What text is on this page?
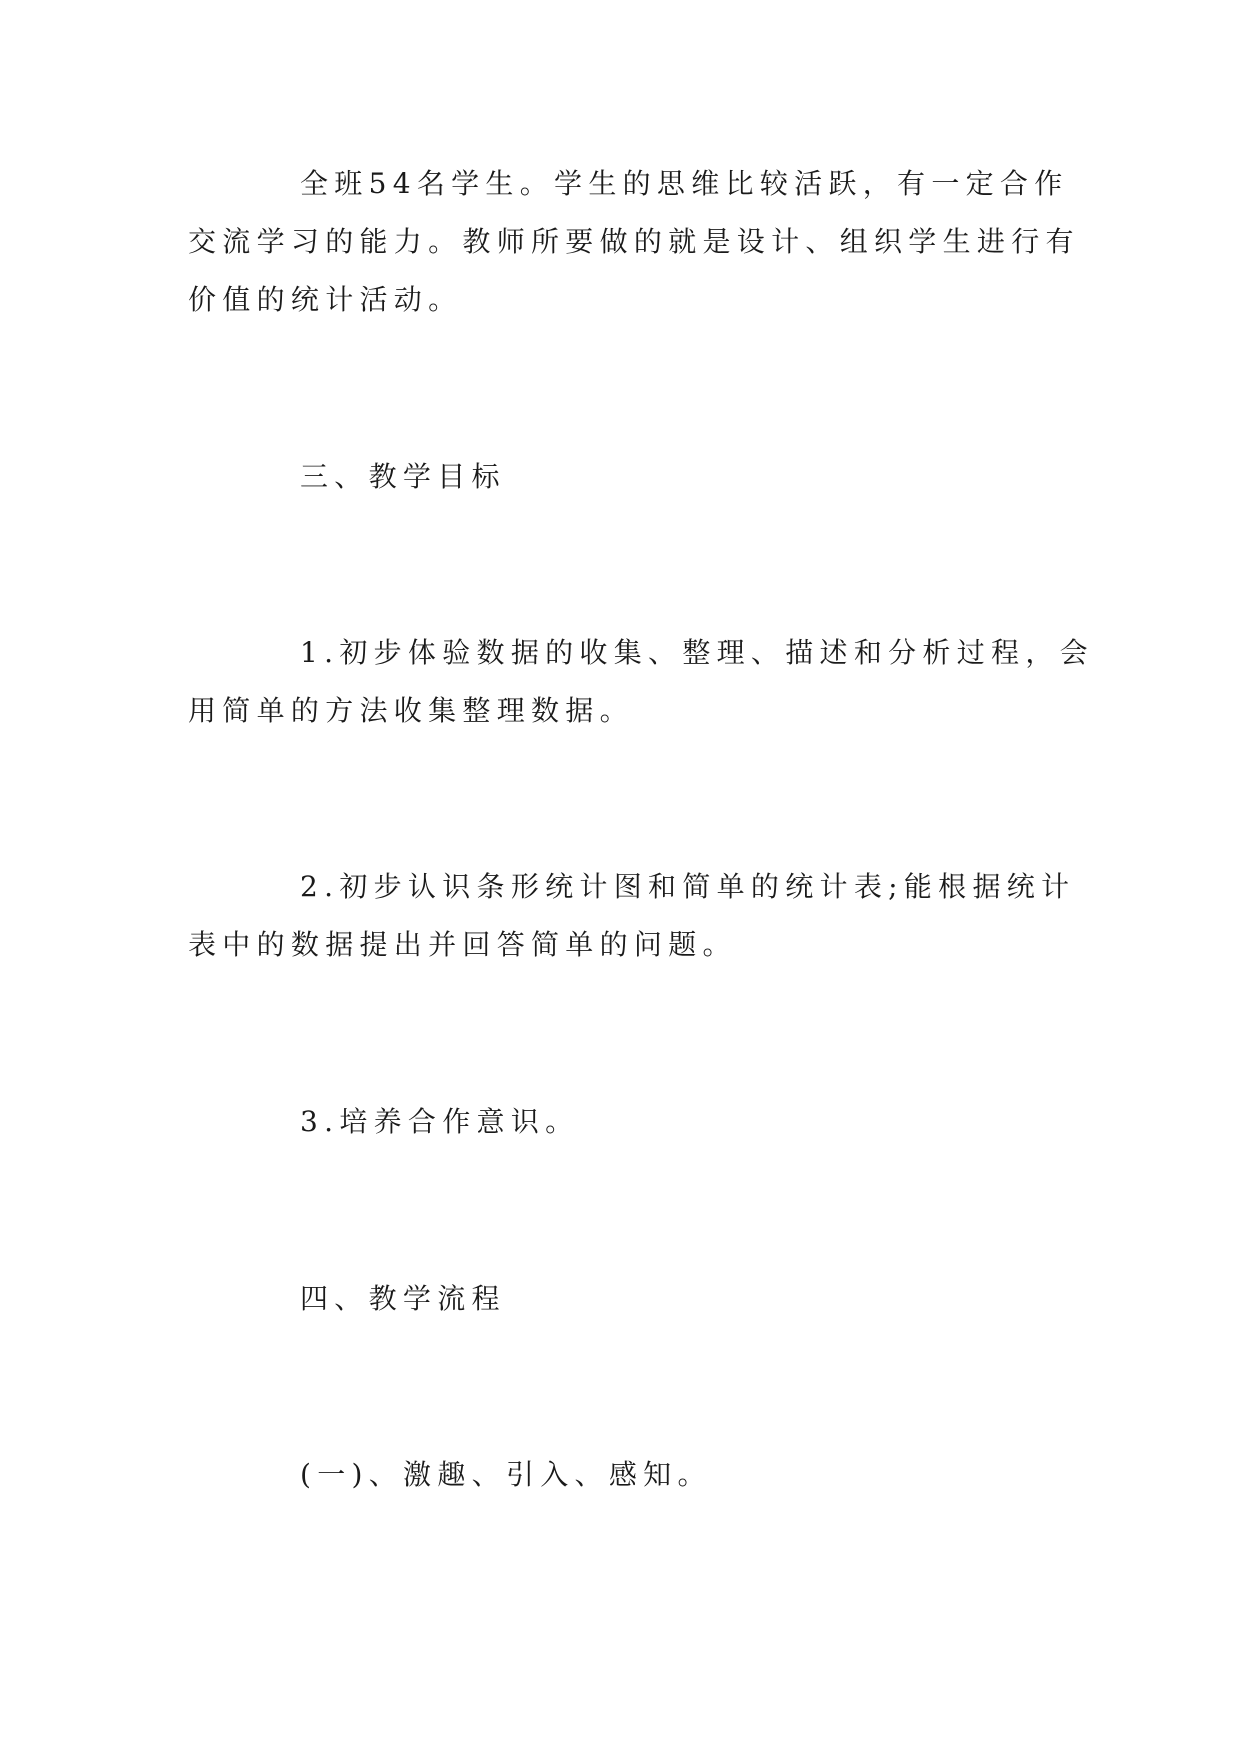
全班54名学生。学生的思维比较活跃，有一定合作

交流学习的能力。教师所要做的就是设计、组织学生进行有

价值的统计活动。

三、教学目标

1.初步体验数据的收集、整理、描述和分析过程，会

用简单的方法收集整理数据。

2.初步认识条形统计图和简单的统计表;能根据统计

表中的数据提出并回答简单的问题。

3.培养合作意识。

四、教学流程

(一)、激趣、引入、感知。
